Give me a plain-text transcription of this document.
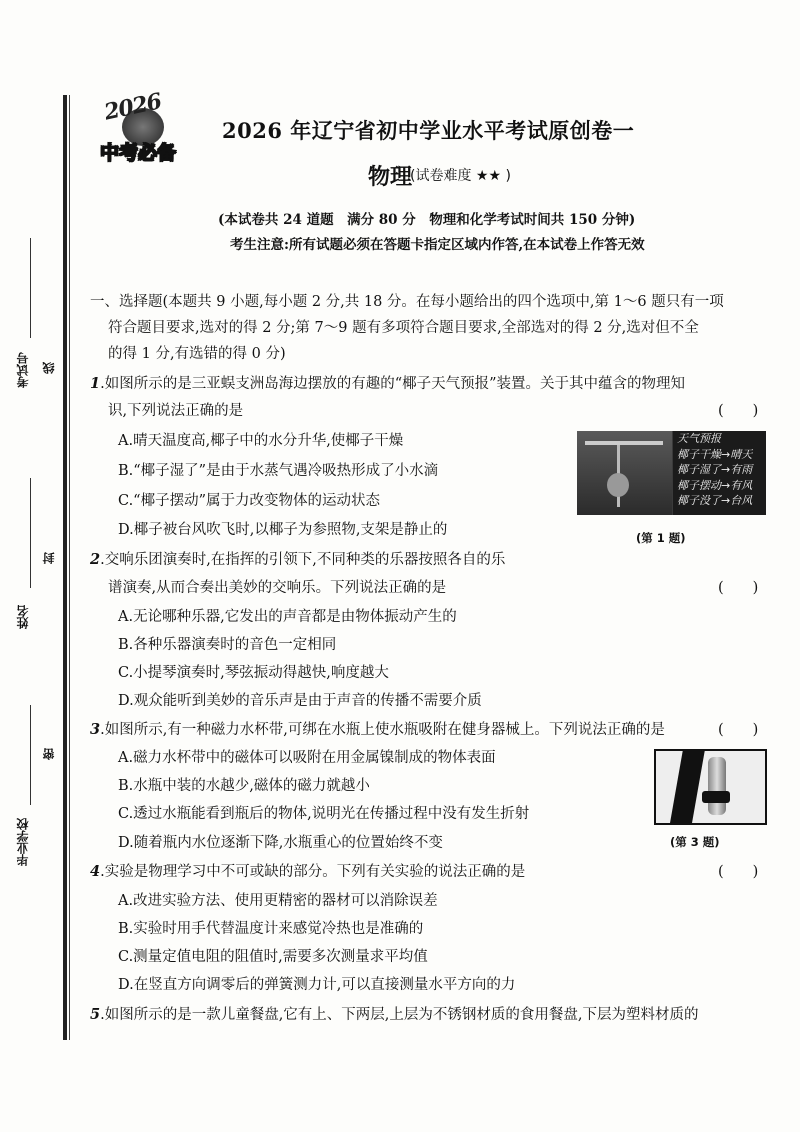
考试号 线
封
姓名
密
毕业学校
2026
中考必备
2026 年辽宁省初中学业水平考试原创卷一
物理
(试卷难度 ★★ )
(本试卷共 24 道题　满分 80 分　物理和化学考试时间共 150 分钟)
考生注意:所有试题必须在答题卡指定区域内作答,在本试卷上作答无效
一、选择题(本题共 9 小题,每小题 2 分,共 18 分。在每小题给出的四个选项中,第 1～6 题只有一项
符合题目要求,选对的得 2 分;第 7～9 题有多项符合题目要求,全部选对的得 2 分,选对但不全
的得 1 分,有选错的得 0 分)
1.如图所示的是三亚蜈支洲岛海边摆放的有趣的“椰子天气预报”装置。关于其中蕴含的物理知
识,下列说法正确的是	(　　)
A.晴天温度高,椰子中的水分升华,使椰子干燥
B.“椰子湿了”是由于水蒸气遇冷吸热形成了小水滴
C.“椰子摆动”属于力改变物体的运动状态
D.椰子被台风吹飞时,以椰子为参照物,支架是静止的
天气预报
椰子干燥→晴天
椰子湿了→有雨
椰子摆动→有风
椰子没了→台风
(第 1 题)
2.交响乐团演奏时,在指挥的引领下,不同种类的乐器按照各自的乐
谱演奏,从而合奏出美妙的交响乐。下列说法正确的是	(　　)
A.无论哪种乐器,它发出的声音都是由物体振动产生的
B.各种乐器演奏时的音色一定相同
C.小提琴演奏时,琴弦振动得越快,响度越大
D.观众能听到美妙的音乐声是由于声音的传播不需要介质
3.如图所示,有一种磁力水杯带,可绑在水瓶上使水瓶吸附在健身器械上。下列说法正确的是	(　　)
A.磁力水杯带中的磁体可以吸附在用金属镍制成的物体表面
B.水瓶中装的水越少,磁体的磁力就越小
C.透过水瓶能看到瓶后的物体,说明光在传播过程中没有发生折射
D.随着瓶内水位逐渐下降,水瓶重心的位置始终不变	(第 3 题)
4.实验是物理学习中不可或缺的部分。下列有关实验的说法正确的是	(　　)
A.改进实验方法、使用更精密的器材可以消除误差
B.实验时用手代替温度计来感觉冷热也是准确的
C.测量定值电阻的阻值时,需要多次测量求平均值
D.在竖直方向调零后的弹簧测力计,可以直接测量水平方向的力
5.如图所示的是一款儿童餐盘,它有上、下两层,上层为不锈钢材质的食用餐盘,下层为塑料材质的
